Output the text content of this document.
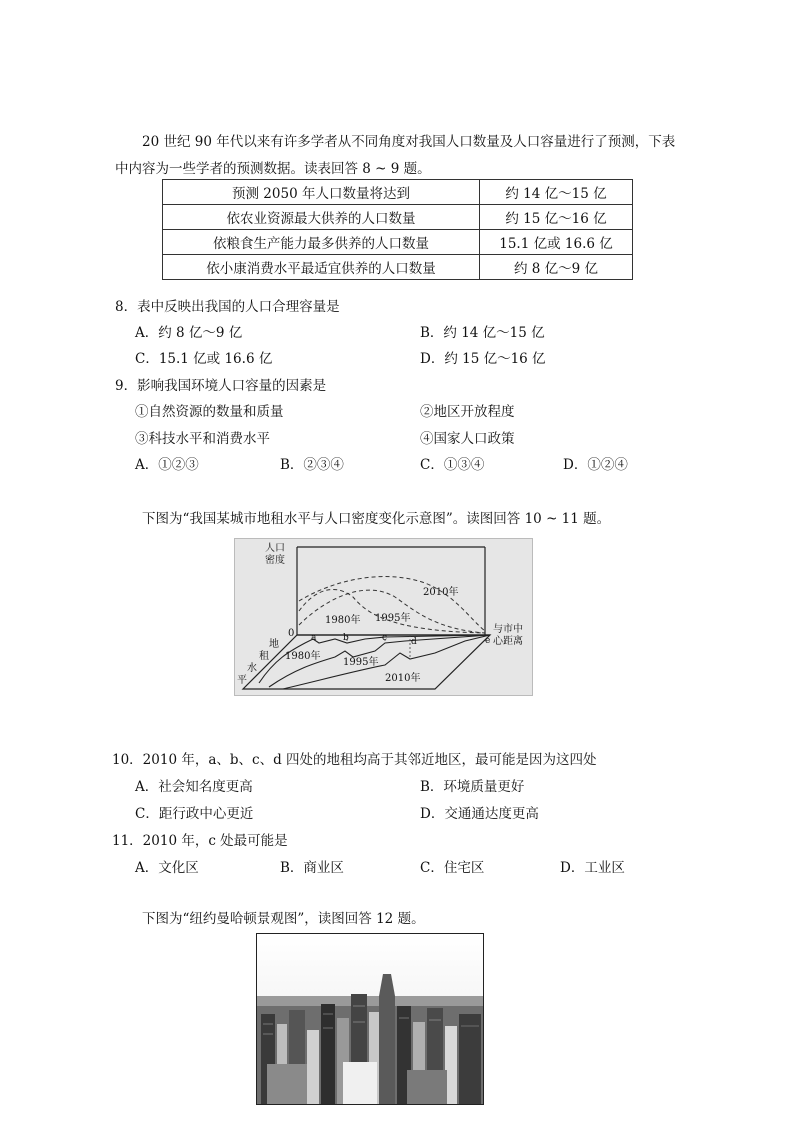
20 世纪 90 年代以来有许多学者从不同角度对我国人口数量及人口容量进行了预测，下表
中内容为一些学者的预测数据。读表回答 8 ~ 9 题。
预测 2050 年人口数量将达到	约 14 亿～15 亿
依农业资源最大供养的人口数量	约 15 亿～16 亿
依粮食生产能力最多供养的人口数量	15.1 亿或 16.6 亿
依小康消费水平最适宜供养的人口数量	约 8 亿～9 亿
8．表中反映出我国的人口合理容量是
A．约 8 亿～9 亿	B．约 14 亿～15 亿
C．15.1 亿或 16.6 亿	D．约 15 亿～16 亿
9．影响我国环境人口容量的因素是
①自然资源的数量和质量	②地区开放程度
③科技水平和消费水平	④国家人口政策
A．①②③	B．②③④	C．①③④	D．①②④
下图为“我国某城市地租水平与人口密度变化示意图”。读图回答 10 ~ 11 题。
人口
密度
0	与市中
心距离
地
租
水
平
1980年 1995年
2010年
1980年
1995年
2010年
a	b	c	d	e
10．2010 年，a、b、c、d 四处的地租均高于其邻近地区，最可能是因为这四处
A．社会知名度更高	B．环境质量更好
C．距行政中心更近	D．交通通达度更高
11．2010 年，c 处最可能是
A．文化区	B．商业区	C．住宅区	D．工业区
下图为“纽约曼哈顿景观图”，读图回答 12 题。
